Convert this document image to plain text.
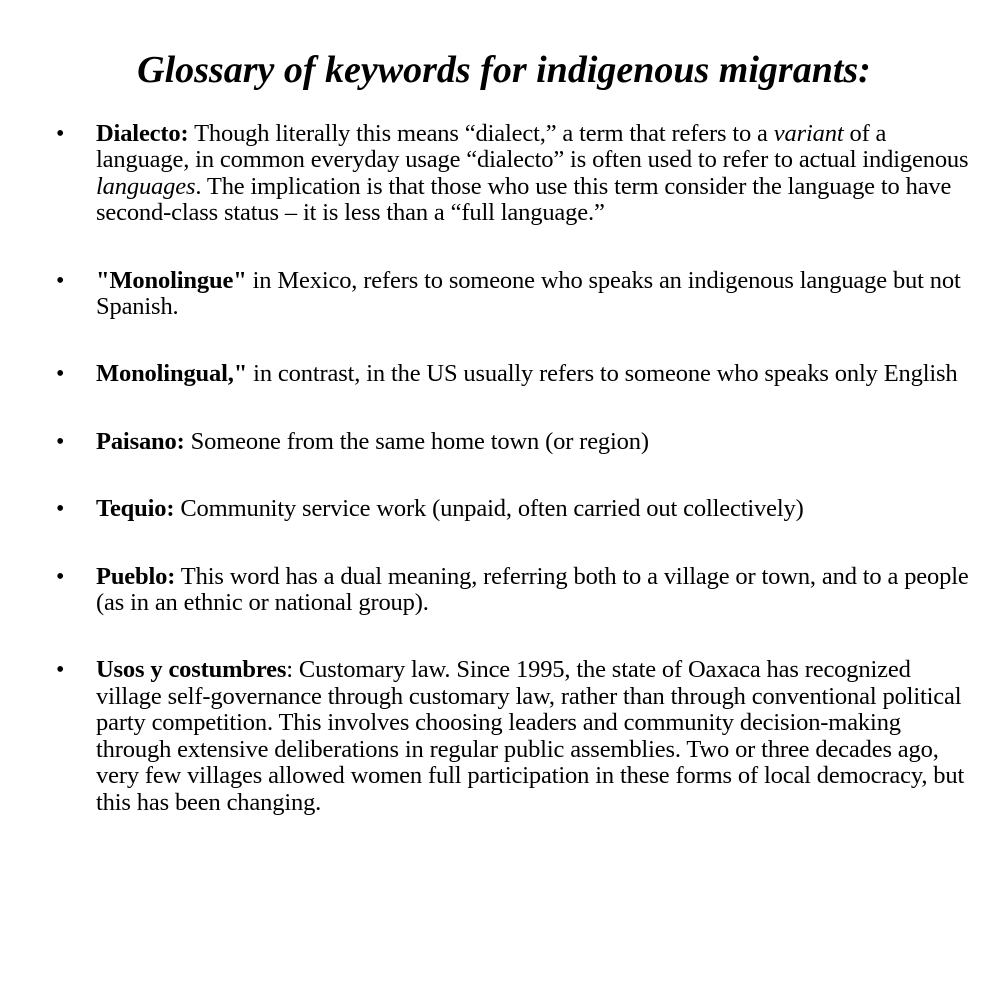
Glossary of keywords for indigenous migrants:
• Dialecto: Though literally this means “dialect,” a term that refers to a variant of a language, in common everyday usage “dialecto” is often used to refer to actual indigenous languages. The implication is that those who use this term consider the language to have second-class status – it is less than a “full language.”
• "Monolingue" in Mexico, refers to someone who speaks an indigenous language but not Spanish.
• Monolingual," in contrast, in the US usually refers to someone who speaks only English
• Paisano: Someone from the same home town (or region)
• Tequio: Community service work (unpaid, often carried out collectively)
• Pueblo: This word has a dual meaning, referring both to a village or town, and to a people (as in an ethnic or national group).
• Usos y costumbres: Customary law. Since 1995, the state of Oaxaca has recognized village self-governance through customary law, rather than through conventional political party competition. This involves choosing leaders and community decision-making through extensive deliberations in regular public assemblies. Two or three decades ago, very few villages allowed women full participation in these forms of local democracy, but this has been changing.
